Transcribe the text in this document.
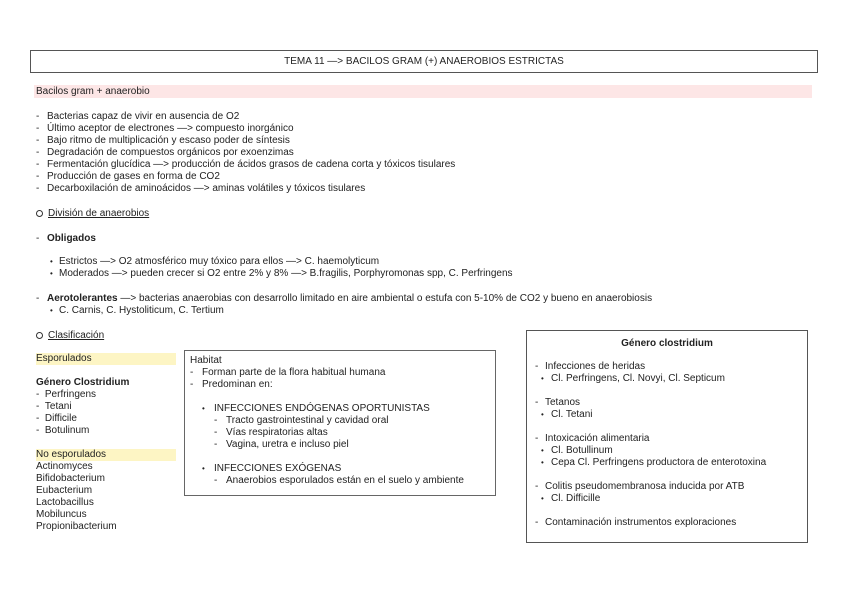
TEMA 11 —> BACILOS GRAM (+) ANAEROBIOS ESTRICTAS
Bacilos gram + anaerobio
- Bacterias capaz de vivir en ausencia de O2
- Último aceptor de electrones —> compuesto inorgánico
- Bajo ritmo de multiplicación y escaso poder de síntesis
- Degradación de compuestos orgánicos por exoenzimas
- Fermentación glucídica —> producción de ácidos grasos de cadena corta y tóxicos tisulares
- Producción de gases en forma de CO2
- Decarboxilación de aminoácidos —> aminas volátiles y tóxicos tisulares
División de anaerobios
- Obligados
• Estrictos —> O2 atmosférico muy tóxico para ellos —> C. haemolyticum
• Moderados —> pueden crecer si O2 entre 2% y 8% —> B.fragilis, Porphyromonas spp, C. Perfringens
- Aerotolerantes —> bacterias anaerobias con desarrollo limitado en aire ambiental o estufa con 5-10% de CO2 y bueno en anaerobiosis
• C. Carnis, C. Hystoliticum, C. Tertium
Clasificación
Esporulados
Género Clostridium
-  Perfringens
-  Tetani
-  Difficile
-  Botulinum
No esporulados
Actinomyces
Bifidobacterium
Eubacterium
Lactobacillus
Mobiluncus
Propionibacterium
Habitat
- Forman parte de la flora habitual humana
- Predominan en:
• INFECCIONES ENDÓGENAS OPORTUNISTAS
- Tracto gastrointestinal y cavidad oral
- Vías respiratorias altas
- Vagina, uretra e incluso piel
• INFECCIONES EXÓGENAS
- Anaerobios esporulados están en el suelo y ambiente
Género clostridium
- Infecciones de heridas
• Cl. Perfringens, Cl. Novyi, Cl. Septicum
- Tetanos
• Cl. Tetani
- Intoxicación alimentaria
• Cl. Botullinum
• Cepa Cl. Perfringens productora de enterotoxina
- Colitis pseudomembranosa inducida por ATB
• Cl. Difficille
- Contaminación instrumentos exploraciones
